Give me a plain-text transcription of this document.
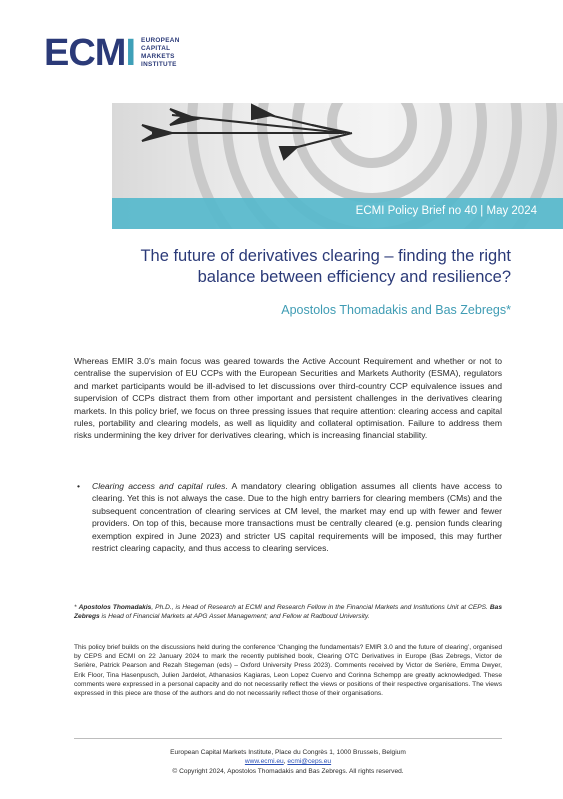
ECMI EUROPEAN
CAPITAL
MARKETS
INSTITUTE
ECMI Policy Brief no 40 | May 2024
The future of derivatives clearing – finding the right
balance between efficiency and resilience?
Apostolos Thomadakis and Bas Zebregs*
Whereas EMIR 3.0’s main focus was geared towards the Active Account Requirement and whether or not to centralise the supervision of EU CCPs with the European Securities and Markets Authority (ESMA), regulators and market participants would be ill-advised to let discussions over third-country CCP equivalence issues and supervision of CCPs distract them from other important and persistent challenges in the derivatives clearing markets. In this policy brief, we focus on three pressing issues that require attention: clearing access and capital rules, portability and clearing models, as well as liquidity and collateral optimisation. Failure to address them risks undermining the key driver for derivatives clearing, which is increasing financial stability.
• Clearing access and capital rules. A mandatory clearing obligation assumes all clients have access to clearing. Yet this is not always the case. Due to the high entry barriers for clearing members (CMs) and the subsequent concentration of clearing services at CM level, the market may end up with fewer and fewer providers. On top of this, because more transactions must be centrally cleared (e.g. pension funds clearing exemption expired in June 2023) and stricter US capital requirements will be imposed, this may further restrict clearing capacity, and thus access to clearing services.
* Apostolos Thomadakis, Ph.D., is Head of Research at ECMI and Research Fellow in the Financial Markets and Institutions Unit at CEPS. Bas Zebregs is Head of Financial Markets at APG Asset Management; and Fellow at Radboud University.
This policy brief builds on the discussions held during the conference ‘Changing the fundamentals? EMIR 3.0 and the future of clearing’, organised by CEPS and ECMI on 22 January 2024 to mark the recently published book, Clearing OTC Derivatives in Europe (Bas Zebregs, Victor de Serière, Patrick Pearson and Rezah Stegeman (eds) – Oxford University Press 2023). Comments received by Victor de Serière, Emma Dwyer, Erik Floor, Tina Hasenpusch, Julien Jardelot, Athanasios Kagiaras, Leon Lopez Cuervo and Corinna Schempp are greatly acknowledged. These comments were expressed in a personal capacity and do not necessarily reflect the views or positions of their respective organisations. The views expressed in this piece are those of the authors and do not necessarily reflect those of their organisations.
European Capital Markets Institute, Place du Congrès 1, 1000 Brussels, Belgium
www.ecmi.eu, ecmi@ceps.eu
© Copyright 2024, Apostolos Thomadakis and Bas Zebregs. All rights reserved.
